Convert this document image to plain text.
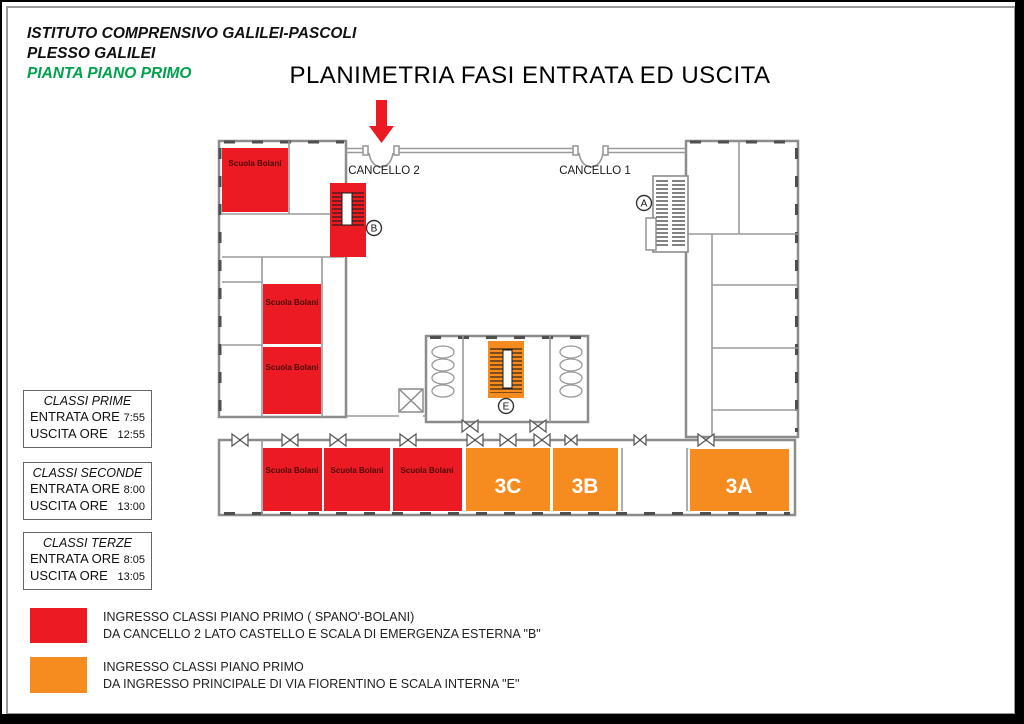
A
B
E
CANCELLO 2	CANCELLO 1
Scuola Bolani
Scuola Bolani
Scuola Bolani
Scuola Bolani Scuola Bolani Scuola Bolani
3C 3B	3A
ISTITUTO COMPRENSIVO GALILEI-PASCOLI
PLESSO GALILEI
PIANTA PIANO PRIMO	PLANIMETRIA FASI ENTRATA ED USCITA
CLASSI PRIME
ENTRATA ORE 7:55
USCITA ORE 12:55
CLASSI SECONDE
ENTRATA ORE 8:00
USCITA ORE 13:00
CLASSI TERZE
ENTRATA ORE 8:05
USCITA ORE 13:05
INGRESSO CLASSI PIANO PRIMO ( SPANO'-BOLANI)
DA CANCELLO 2 LATO CASTELLO E SCALA DI EMERGENZA ESTERNA "B"
INGRESSO CLASSI PIANO PRIMO
DA INGRESSO PRINCIPALE DI VIA FIORENTINO E SCALA INTERNA "E"
